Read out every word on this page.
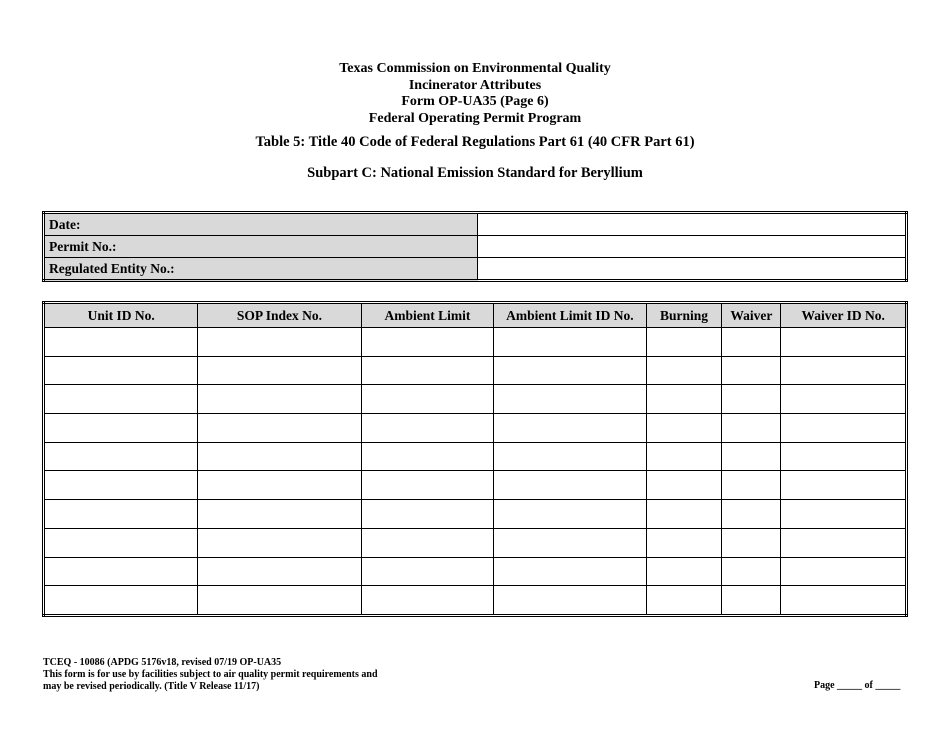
Texas Commission on Environmental Quality
Incinerator Attributes
Form OP-UA35 (Page 6)
Federal Operating Permit Program
Table 5: Title 40 Code of Federal Regulations Part 61 (40 CFR Part 61)
Subpart C: National Emission Standard for Beryllium
Date:	
Permit No.:	
Regulated Entity No.:	
Unit ID No.	SOP Index No.	Ambient Limit	Ambient Limit ID No.	Burning	Waiver	Waiver ID No.

TCEQ - 10086 (APDG 5176v18, revised 07/19 OP-UA35
This form is for use by facilities subject to air quality permit requirements and
may be revised periodically. (Title V Release 11/17)	Page _____ of _____
